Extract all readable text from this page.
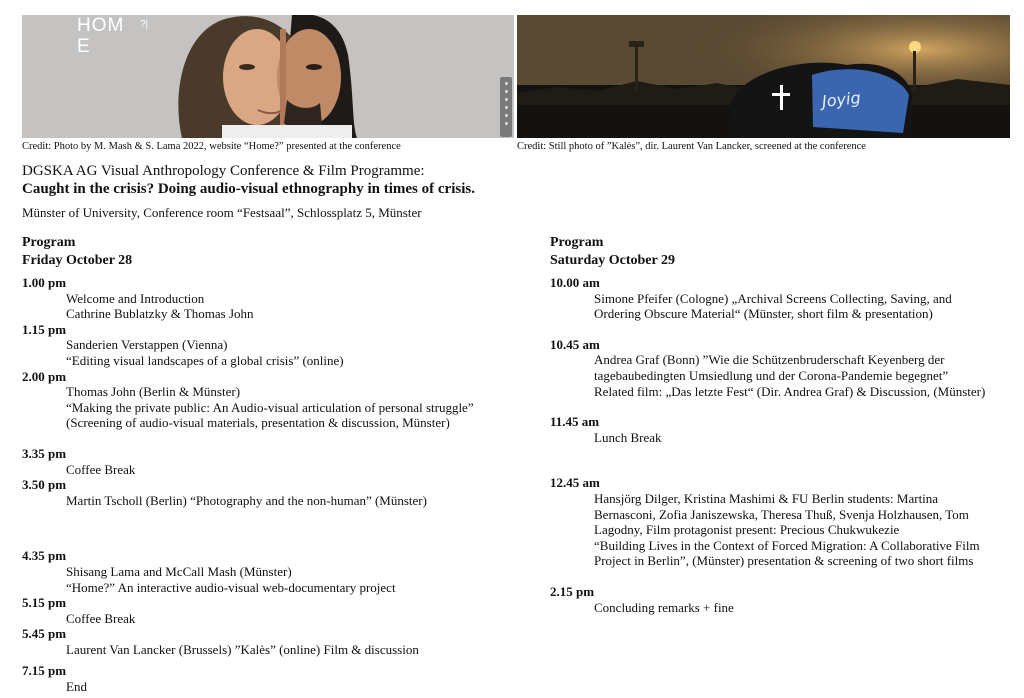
HOM
E
?|
Joyig
Credit: Photo by M. Mash & S. Lama 2022, website “Home?” presented at the conference	Credit: Still photo of ”Kalès”, dir. Laurent Van Lancker, screened at the conference
DGSKA AG Visual Anthropology Conference & Film Programme:
Caught in the crisis? Doing audio-visual ethnography in times of crisis.
Münster of University, Conference room “Festsaal”, Schlossplatz 5, Münster
Program
Friday October 28
1.00 pm
Welcome and Introduction
Cathrine Bublatzky & Thomas John
1.15 pm
Sanderien Verstappen (Vienna)
“Editing visual landscapes of a global crisis” (online)
2.00 pm
Thomas John (Berlin & Münster)
“Making the private public: An Audio-visual articulation of personal struggle”
(Screening of audio-visual materials, presentation & discussion, Münster)
3.35 pm
Coffee Break
3.50 pm
Martin Tscholl (Berlin) “Photography and the non-human” (Münster)
4.35 pm
Shisang Lama and McCall Mash (Münster)
“Home?” An interactive audio-visual web-documentary project
5.15 pm
Coffee Break
5.45 pm
Laurent Van Lancker (Brussels) ”Kalès” (online) Film & discussion
7.15 pm
End
Program
Saturday October 29
10.00 am
Simone Pfeifer (Cologne) „Archival Screens Collecting, Saving, and
Ordering Obscure Material“ (Münster, short film & presentation)
10.45 am
Andrea Graf (Bonn) ”Wie die Schützenbruderschaft Keyenberg der
tagebaubedingten Umsiedlung und der Corona-Pandemie begegnet”
Related film: „Das letzte Fest“ (Dir. Andrea Graf) & Discussion, (Münster)
11.45 am
Lunch Break
12.45 am
Hansjörg Dilger, Kristina Mashimi & FU Berlin students: Martina
Bernasconi, Zofia Janiszewska, Theresa Thuß, Svenja Holzhausen, Tom
Lagodny, Film protagonist present: Precious Chukwukezie
“Building Lives in the Context of Forced Migration: A Collaborative Film
Project in Berlin”, (Münster) presentation & screening of two short films
2.15 pm
Concluding remarks + fine
